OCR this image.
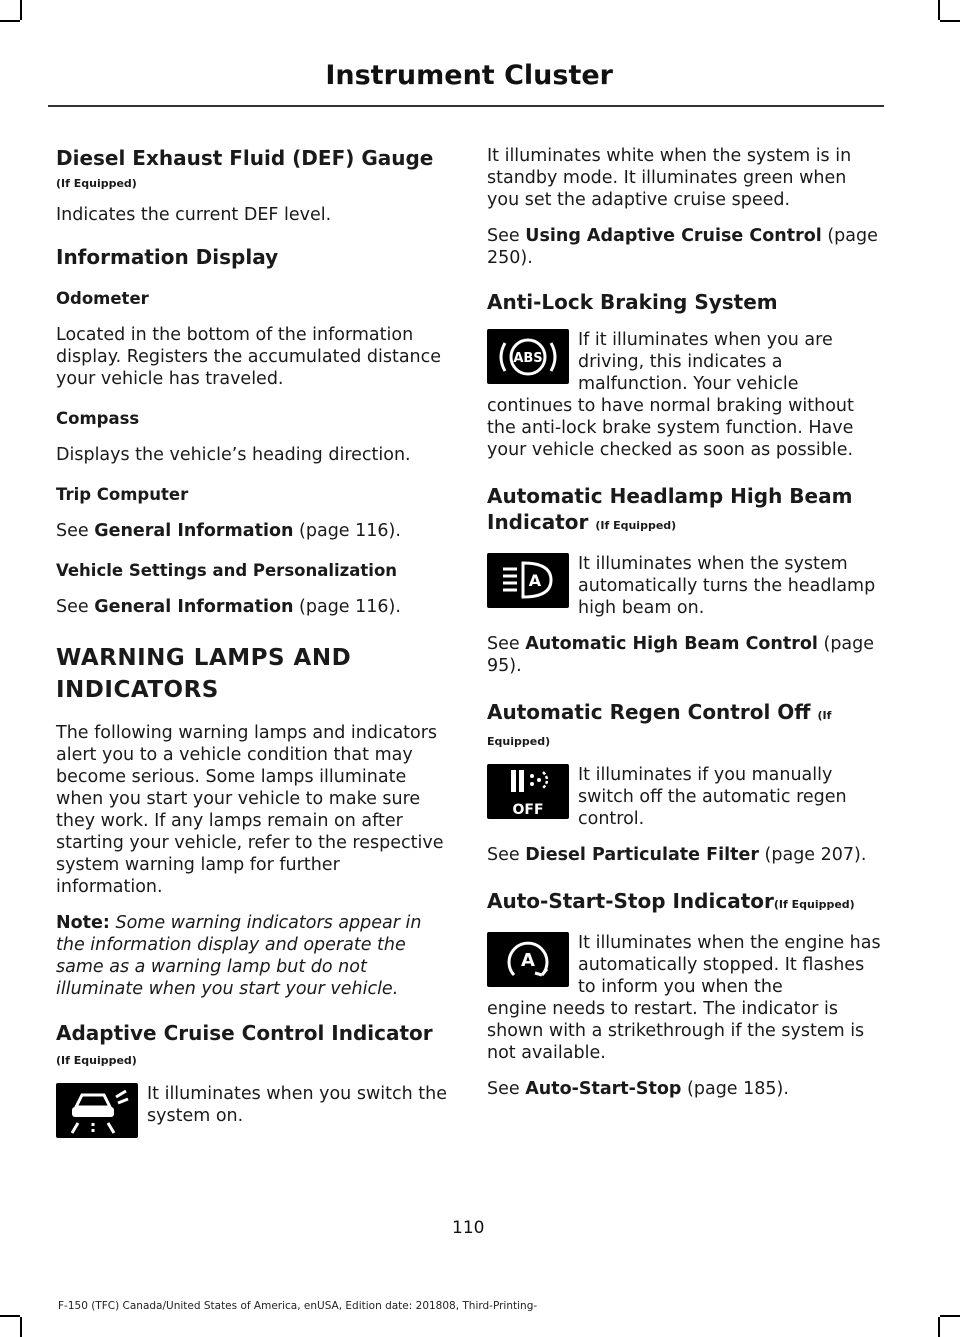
Instrument Cluster
Diesel Exhaust Fluid (DEF) Gauge
(If Equipped)

Indicates the current DEF level.

Information Display
Odometer

Located in the bottom of the information display. Registers the accumulated distance your vehicle has traveled.

Compass

Displays the vehicle’s heading direction.

Trip Computer

See General Information (page 116).

Vehicle Settings and Personalization

See General Information (page 116).

WARNING LAMPS AND
INDICATORS

The following warning lamps and indicators alert you to a vehicle condition that may become serious. Some lamps illuminate when you start your vehicle to make sure they work. If any lamps remain on after starting your vehicle, refer to the respective system warning lamp for further information.

Note: Some warning indicators appear in the information display and operate the same as a warning lamp but do not illuminate when you start your vehicle.

Adaptive Cruise Control Indicator
(If Equipped)
It illuminates when you switch the system on.

It illuminates white when the system is in standby mode. It illuminates green when you set the adaptive cruise speed.

See Using Adaptive Cruise Control (page 250).

Anti-Lock Braking System
ABS
If it illuminates when you are driving, this indicates a malfunction. Your vehicle

continues to have normal braking without the anti-lock brake system function. Have your vehicle checked as soon as possible.

Automatic Headlamp High Beam Indicator (If Equipped)
A
It illuminates when the system automatically turns the headlamp high beam on.

See Automatic High Beam Control (page 95).

Automatic Regen Control Off (If
Equipped)
OFF
It illuminates if you manually switch off the automatic regen control.

See Diesel Particulate Filter (page 207).

Auto-Start-Stop Indicator(If Equipped)
A
It illuminates when the engine has automatically stopped. It flashes to inform you when the

engine needs to restart. The indicator is shown with a strikethrough if the system is not available.

See Auto-Start-Stop (page 185).

110
F-150 (TFC) Canada/United States of America, enUSA, Edition date: 201808, Third-Printing-
